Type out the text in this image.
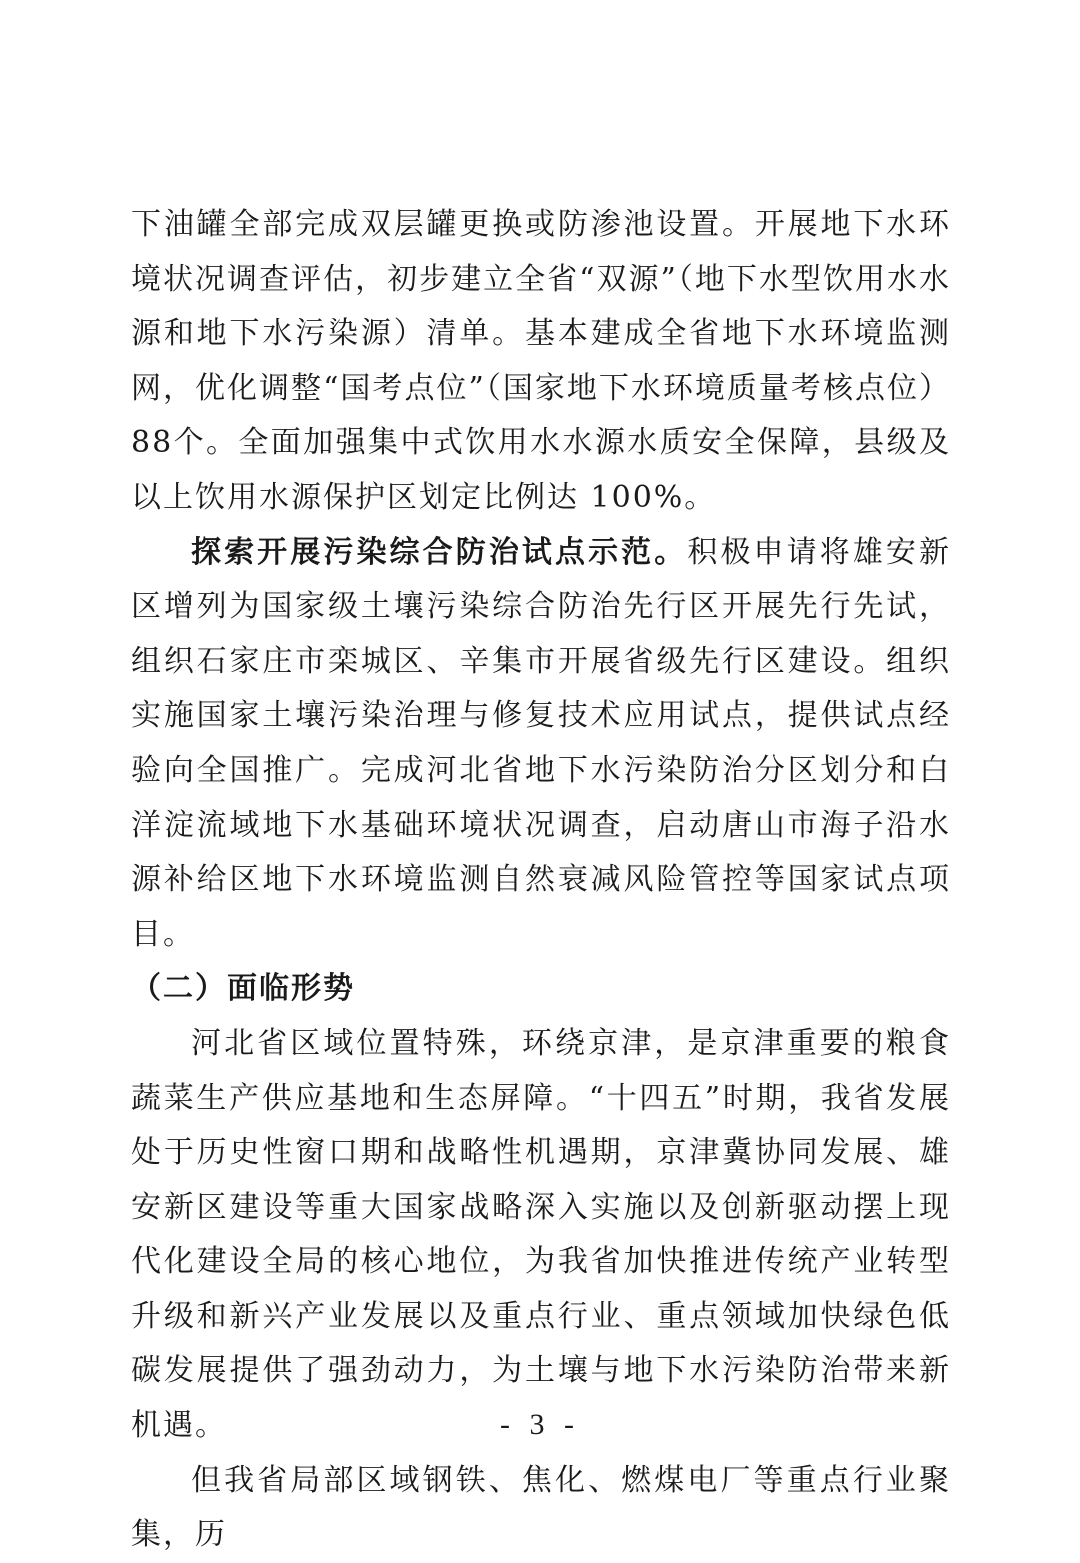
下油罐全部完成双层罐更换或防渗池设置。开展地下水环境状况调查评估，初步建立全省“双源”（地下水型饮用水水源和地下水污染源）清单。基本建成全省地下水环境监测网，优化调整“国考点位”（国家地下水环境质量考核点位）88个。全面加强集中式饮用水水源水质安全保障，县级及以上饮用水源保护区划定比例达 100%。

探索开展污染综合防治试点示范。积极申请将雄安新区增列为国家级土壤污染综合防治先行区开展先行先试，组织石家庄市栾城区、辛集市开展省级先行区建设。组织实施国家土壤污染治理与修复技术应用试点，提供试点经验向全国推广。完成河北省地下水污染防治分区划分和白洋淀流域地下水基础环境状况调查，启动唐山市海子沿水源补给区地下水环境监测自然衰减风险管控等国家试点项目。

（二）面临形势

河北省区域位置特殊，环绕京津，是京津重要的粮食蔬菜生产供应基地和生态屏障。“十四五”时期，我省发展处于历史性窗口期和战略性机遇期，京津冀协同发展、雄安新区建设等重大国家战略深入实施以及创新驱动摆上现代化建设全局的核心地位，为我省加快推进传统产业转型升级和新兴产业发展以及重点行业、重点领域加快绿色低碳发展提供了强劲动力，为土壤与地下水污染防治带来新机遇。

但我省局部区域钢铁、焦化、燃煤电厂等重点行业聚集，历

- 3 -
